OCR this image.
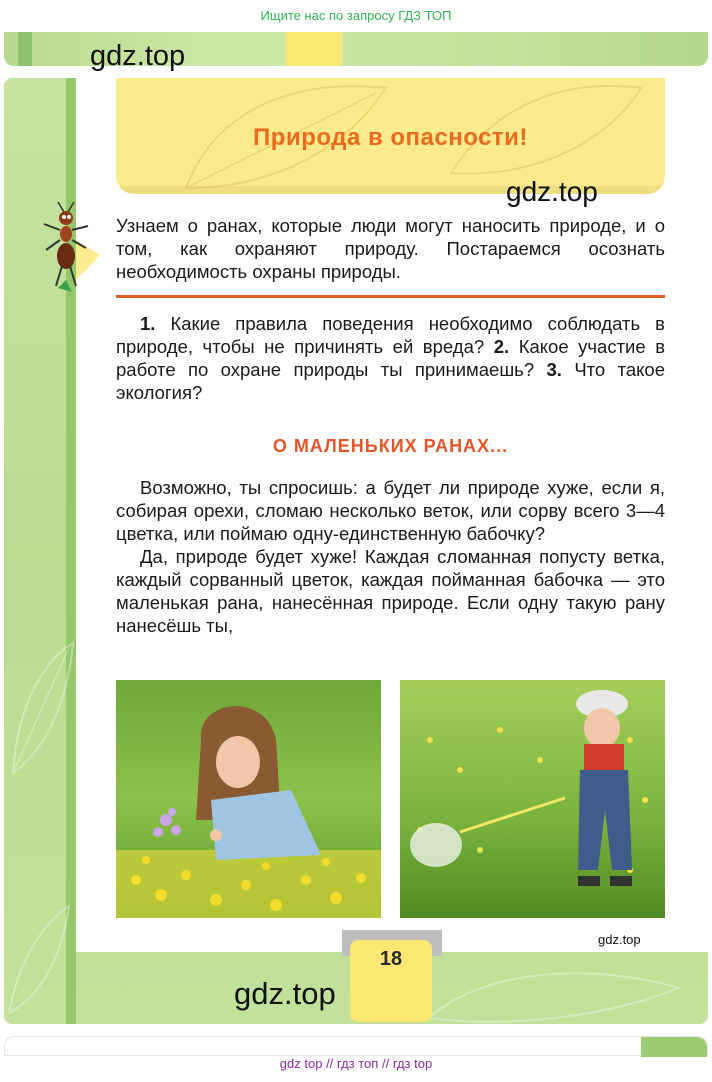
Ищите нас по запросу ГДЗ ТОП
Природа в опасности!
gdz.top
gdz.top

Узнаем о ранах, которые люди могут наносить природе, и о том, как охраняют природу. Постараемся осознать необходимость охраны природы.

1. Какие правила поведения необходимо соблюдать в природе, чтобы не причинять ей вреда? 2. Какое участие в работе по охране природы ты принимаешь? 3. Что такое экология?
О МАЛЕНЬКИХ РАНАХ...

Возможно, ты спросишь: а будет ли природе хуже, если я, собирая орехи, сломаю несколько веток, или сорву всего 3—4 цветка, или поймаю одну-единственную бабочку?

Да, природе будет хуже! Каждая сломанная попусту ветка, каждый сорванный цветок, каждая пойманная бабочка — это маленькая рана, нанесённая природе. Если одну такую рану нанесёшь ты,

gdz.top
18
gdz.top
gdz top // гдз топ // гдз top
